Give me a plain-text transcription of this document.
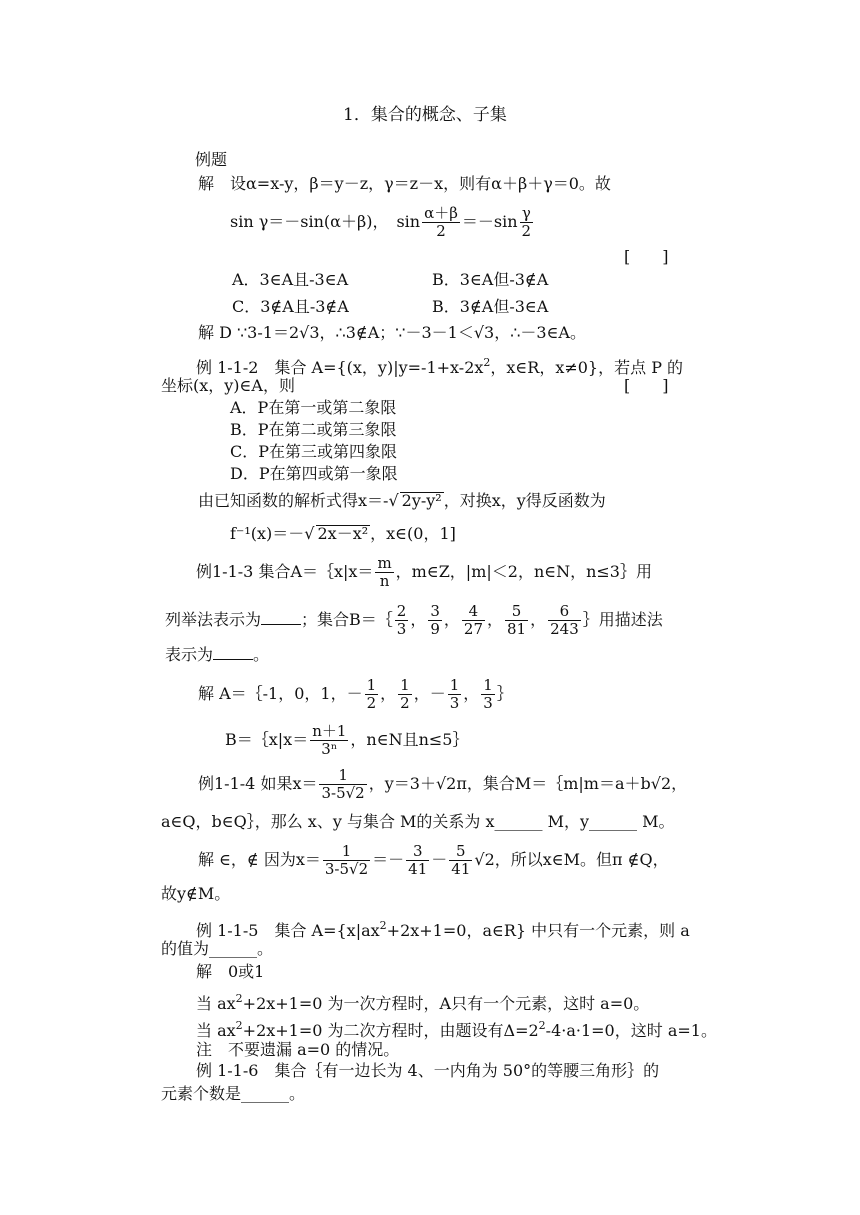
1．集合的概念、子集
例题
解　设α=x-y，β＝y－z，γ＝z－x，则有α＋β＋γ＝0。故
sin γ＝－sin(α＋β)，　$\sin \frac{\alpha+\beta}{2} =-\sin \frac{\gamma}{2}$
[　　]
A．3∈A且-3∈A	B．3∈A但-3∉A
C．3∉A且-3∉A	B．3∉A但-3∈A
解 D ∵3-1＝2√3，∴3∉A；∵－3－1＜√3，∴－3∈A。
例 1-1-2　集合 A={(x，$y)|y=-1+x-2x^2$，x∈R，x≠0}，若点 P 的
坐标(x，y)∈A，则	[　　]
A．P在第一或第二象限
B．P在第二或第三象限
C．P在第三或第四象限
D．P在第四或第一象限
由已知函数的解析式得x＝-√ 2y-y² ，对换x，y得反函数为
f⁻¹(x)＝－√ 2x－x² ，x∈(0，1]
例1-1-3 集合A＝｛x|x＝ $\frac{m}{n}$ ，m∈Z，|m|＜2，n∈N，n≤3｝用
列举法表示为	；集合B＝｛ $\frac{2}{3}$ ， $\frac{3}{9}$ ， $\frac{4}{27}$ ， $\frac{5}{81}$ ， $\frac{6}{243}$ ｝用描述法
表示为	。
解 A＝｛-1，0，1，－ $\frac{1}{2}$ ， $\frac{1}{2}$ ，－ $\frac{1}{3}$ ， $\frac{1}{3}$ ｝
B＝｛x|x＝ $\frac{n+1}{\text{3ⁿ}}$ ，n∈N且n≤5｝
例1-1-4 如果$x= \frac{1}{3-5√2}$ ，y＝3＋√2π，集合M＝｛m|m＝a＋b√2，
a∈Q，b∈Q｝，那么 x、y 与集合 M的关系为 x______ M，y______ M。
解 ∈，∉ 因为$x= \frac{1}{3-5√2} =- \frac{3}{41} - \frac{5}{41} √2$，所以x∈M。但π ∉Q，
故y∉M。
例 1-1-5　集合 $A=\{x|ax^2+2x+1=0$，a∈R} 中只有一个元素，则 a
的值为______。
解　0或1
当 $ax^2+2x+1=0$ 为一次方程时，A只有一个元素，这时 a=0。
当 $ax^2+2x+1=0$ 为二次方程时，由题设有$\Delta=2^2-4\cdot a\cdot 1=0$，这时 a=1。
注　不要遗漏 a=0 的情况。
例 1-1-6　集合｛有一边长为 4、一内角为 50°的等腰三角形｝的
元素个数是______。
